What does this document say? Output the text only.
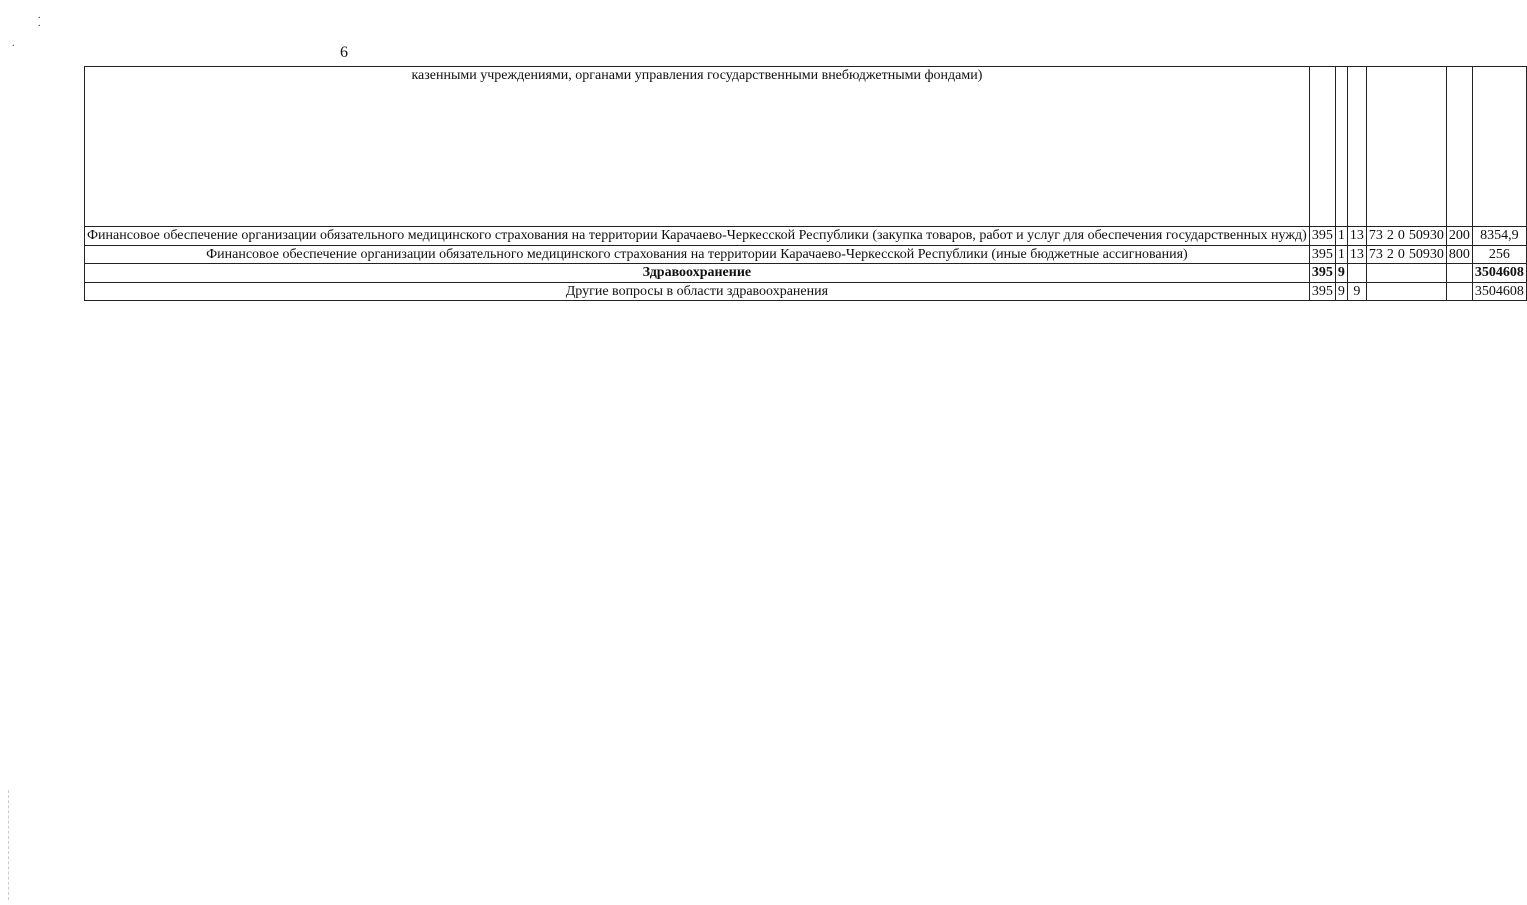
.
.
.
6
казенными учреждениями, органами управления государственными внебюджетными фондами)									
Финансовое обеспечение организации обязательного медицинского страхования на территории Карачаево-Черкесской Республики (закупка товаров, работ и услуг для обеспечения государственных нужд)	395	1	13	73	2	0	50930	200	8354,9
Финансовое обеспечение организации обязательного медицинского страхования на территории Карачаево-Черкесской Республики (иные бюджетные ассигнования)	395	1	13	73	2	0	50930	800	256
Здравоохранение	395	9							3504608
Другие вопросы в области здравоохранения	395	9	9						3504608
